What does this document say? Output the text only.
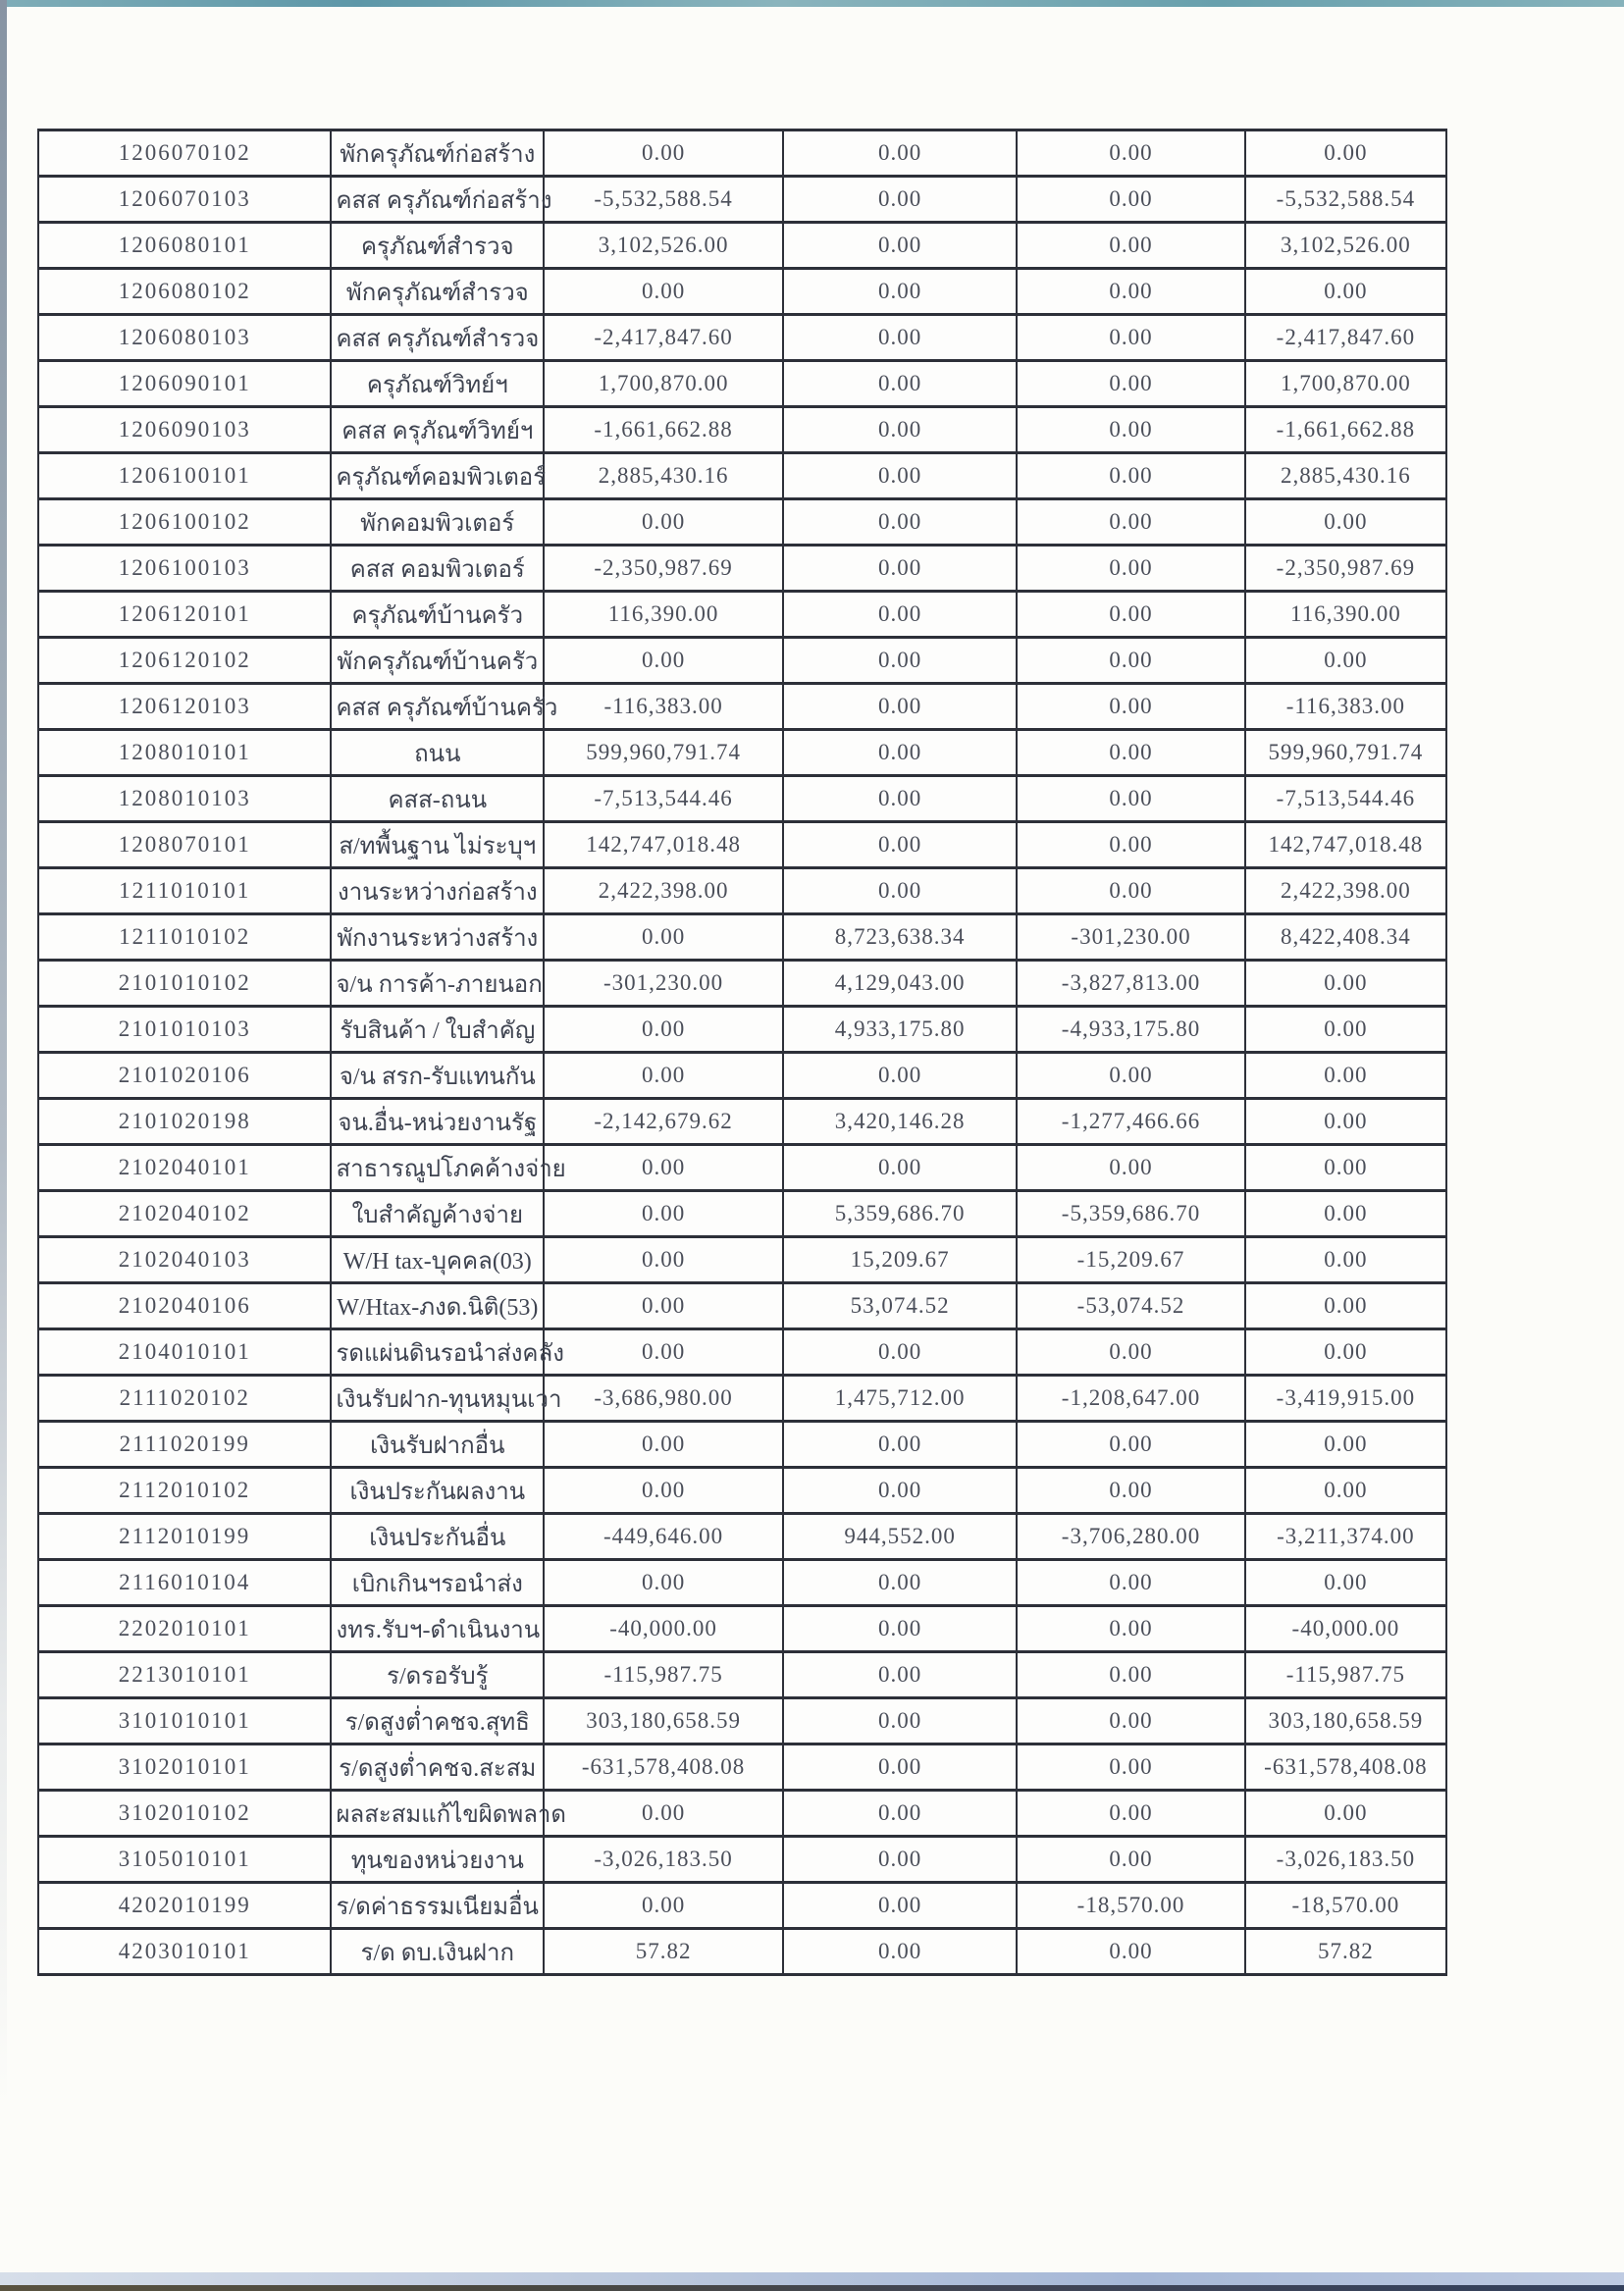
1206070102	พักครุภัณฑ์ก่อสร้าง	0.00	0.00	0.00	0.00
1206070103	คสส ครุภัณฑ์ก่อสร้าง	-5,532,588.54	0.00	0.00	-5,532,588.54
1206080101	ครุภัณฑ์สำรวจ	3,102,526.00	0.00	0.00	3,102,526.00
1206080102	พักครุภัณฑ์สำรวจ	0.00	0.00	0.00	0.00
1206080103	คสส ครุภัณฑ์สำรวจ	-2,417,847.60	0.00	0.00	-2,417,847.60
1206090101	ครุภัณฑ์วิทย์ฯ	1,700,870.00	0.00	0.00	1,700,870.00
1206090103	คสส ครุภัณฑ์วิทย์ฯ	-1,661,662.88	0.00	0.00	-1,661,662.88
1206100101	ครุภัณฑ์คอมพิวเตอร์	2,885,430.16	0.00	0.00	2,885,430.16
1206100102	พักคอมพิวเตอร์	0.00	0.00	0.00	0.00
1206100103	คสส คอมพิวเตอร์	-2,350,987.69	0.00	0.00	-2,350,987.69
1206120101	ครุภัณฑ์บ้านครัว	116,390.00	0.00	0.00	116,390.00
1206120102	พักครุภัณฑ์บ้านครัว	0.00	0.00	0.00	0.00
1206120103	คสส ครุภัณฑ์บ้านครัว	-116,383.00	0.00	0.00	-116,383.00
1208010101	ถนน	599,960,791.74	0.00	0.00	599,960,791.74
1208010103	คสส-ถนน	-7,513,544.46	0.00	0.00	-7,513,544.46
1208070101	ส/ทพื้นฐาน ไม่ระบุฯ	142,747,018.48	0.00	0.00	142,747,018.48
1211010101	งานระหว่างก่อสร้าง	2,422,398.00	0.00	0.00	2,422,398.00
1211010102	พักงานระหว่างสร้าง	0.00	8,723,638.34	-301,230.00	8,422,408.34
2101010102	จ/น การค้า-ภายนอก	-301,230.00	4,129,043.00	-3,827,813.00	0.00
2101010103	รับสินค้า / ใบสำคัญ	0.00	4,933,175.80	-4,933,175.80	0.00
2101020106	จ/น สรก-รับแทนกัน	0.00	0.00	0.00	0.00
2101020198	จน.อื่น-หน่วยงานรัฐ	-2,142,679.62	3,420,146.28	-1,277,466.66	0.00
2102040101	สาธารณูปโภคค้างจ่าย	0.00	0.00	0.00	0.00
2102040102	ใบสำคัญค้างจ่าย	0.00	5,359,686.70	-5,359,686.70	0.00
2102040103	W/H tax-บุคคล(03)	0.00	15,209.67	-15,209.67	0.00
2102040106	W/Htax-ภงด.นิติ(53)	0.00	53,074.52	-53,074.52	0.00
2104010101	รดแผ่นดินรอนำส่งคลัง	0.00	0.00	0.00	0.00
2111020102	เงินรับฝาก-ทุนหมุนเวา	-3,686,980.00	1,475,712.00	-1,208,647.00	-3,419,915.00
2111020199	เงินรับฝากอื่น	0.00	0.00	0.00	0.00
2112010102	เงินประกันผลงาน	0.00	0.00	0.00	0.00
2112010199	เงินประกันอื่น	-449,646.00	944,552.00	-3,706,280.00	-3,211,374.00
2116010104	เบิกเกินฯรอนำส่ง	0.00	0.00	0.00	0.00
2202010101	งทร.รับฯ-ดำเนินงาน	-40,000.00	0.00	0.00	-40,000.00
2213010101	ร/ดรอรับรู้	-115,987.75	0.00	0.00	-115,987.75
3101010101	ร/ดสูงต่ำคชจ.สุทธิ	303,180,658.59	0.00	0.00	303,180,658.59
3102010101	ร/ดสูงต่ำคชจ.สะสม	-631,578,408.08	0.00	0.00	-631,578,408.08
3102010102	ผลสะสมแก้ไขผิดพลาด	0.00	0.00	0.00	0.00
3105010101	ทุนของหน่วยงาน	-3,026,183.50	0.00	0.00	-3,026,183.50
4202010199	ร/ดค่าธรรมเนียมอื่น	0.00	0.00	-18,570.00	-18,570.00
4203010101	ร/ด ดบ.เงินฝาก	57.82	0.00	0.00	57.82
